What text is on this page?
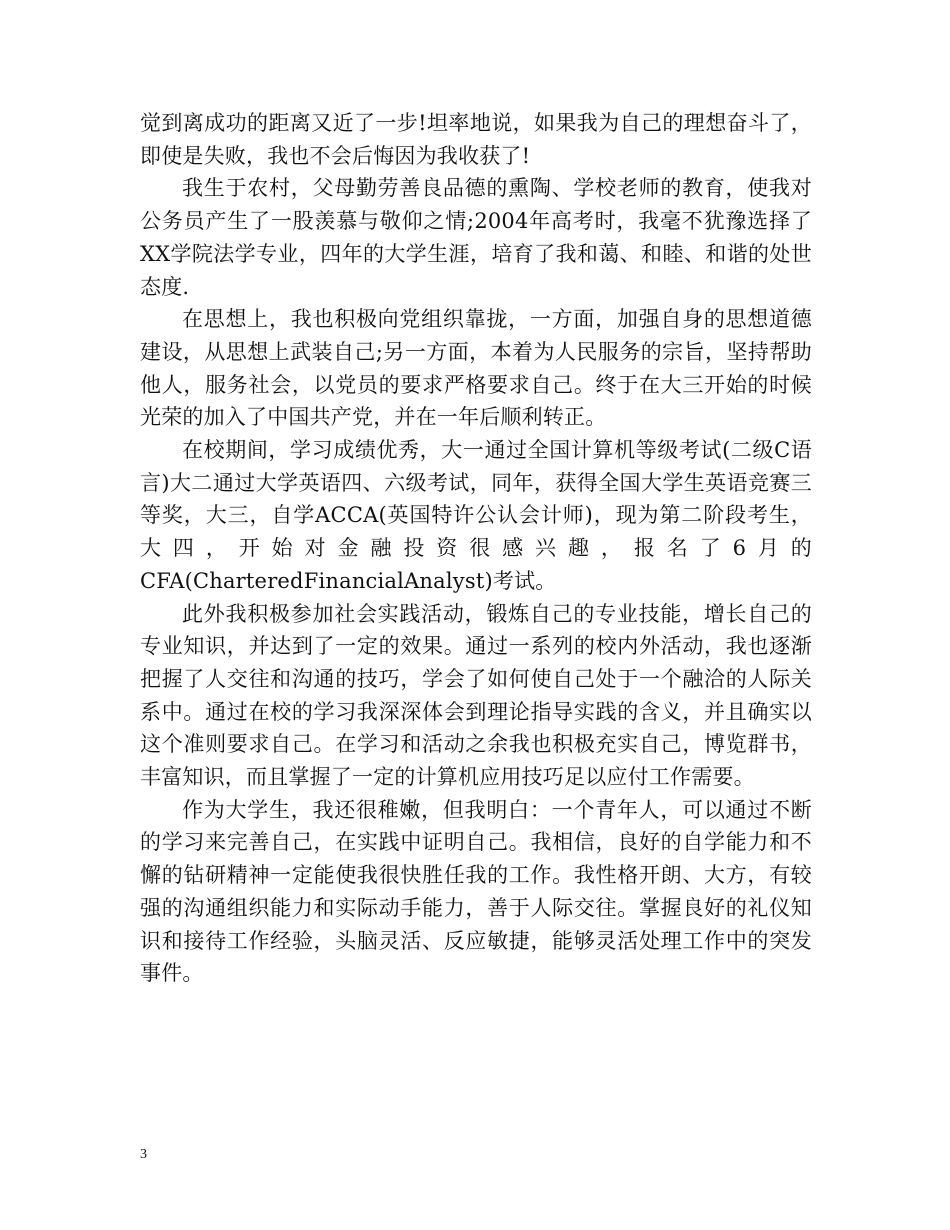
觉到离成功的距离又近了一步!坦率地说，如果我为自己的理想奋斗了，即使是失败，我也不会后悔因为我收获了!

我生于农村，父母勤劳善良品德的熏陶、学校老师的教育，使我对公务员产生了一股羡慕与敬仰之情;2004年高考时，我毫不犹豫选择了XX学院法学专业，四年的大学生涯，培育了我和蔼、和睦、和谐的处世态度.

在思想上，我也积极向党组织靠拢，一方面，加强自身的思想道德建设，从思想上武装自己;另一方面，本着为人民服务的宗旨，坚持帮助他人，服务社会，以党员的要求严格要求自己。终于在大三开始的时候光荣的加入了中国共产党，并在一年后顺利转正。

在校期间，学习成绩优秀，大一通过全国计算机等级考试(二级C语言)大二通过大学英语四、六级考试，同年，获得全国大学生英语竞赛三等奖，大三，自学ACCA(英国特许公认会计师)，现为第二阶段考生，大四，开始对金融投资很感兴趣，报名了6月的CFA(CharteredFinancialAnalyst)考试。

此外我积极参加社会实践活动，锻炼自己的专业技能，增长自己的专业知识，并达到了一定的效果。通过一系列的校内外活动，我也逐渐把握了人交往和沟通的技巧，学会了如何使自己处于一个融洽的人际关系中。通过在校的学习我深深体会到理论指导实践的含义，并且确实以这个准则要求自己。在学习和活动之余我也积极充实自己，博览群书，丰富知识，而且掌握了一定的计算机应用技巧足以应付工作需要。

作为大学生，我还很稚嫩，但我明白：一个青年人，可以通过不断的学习来完善自己，在实践中证明自己。我相信，良好的自学能力和不懈的钻研精神一定能使我很快胜任我的工作。我性格开朗、大方，有较强的沟通组织能力和实际动手能力，善于人际交往。掌握良好的礼仪知识和接待工作经验，头脑灵活、反应敏捷，能够灵活处理工作中的突发事件。

3
